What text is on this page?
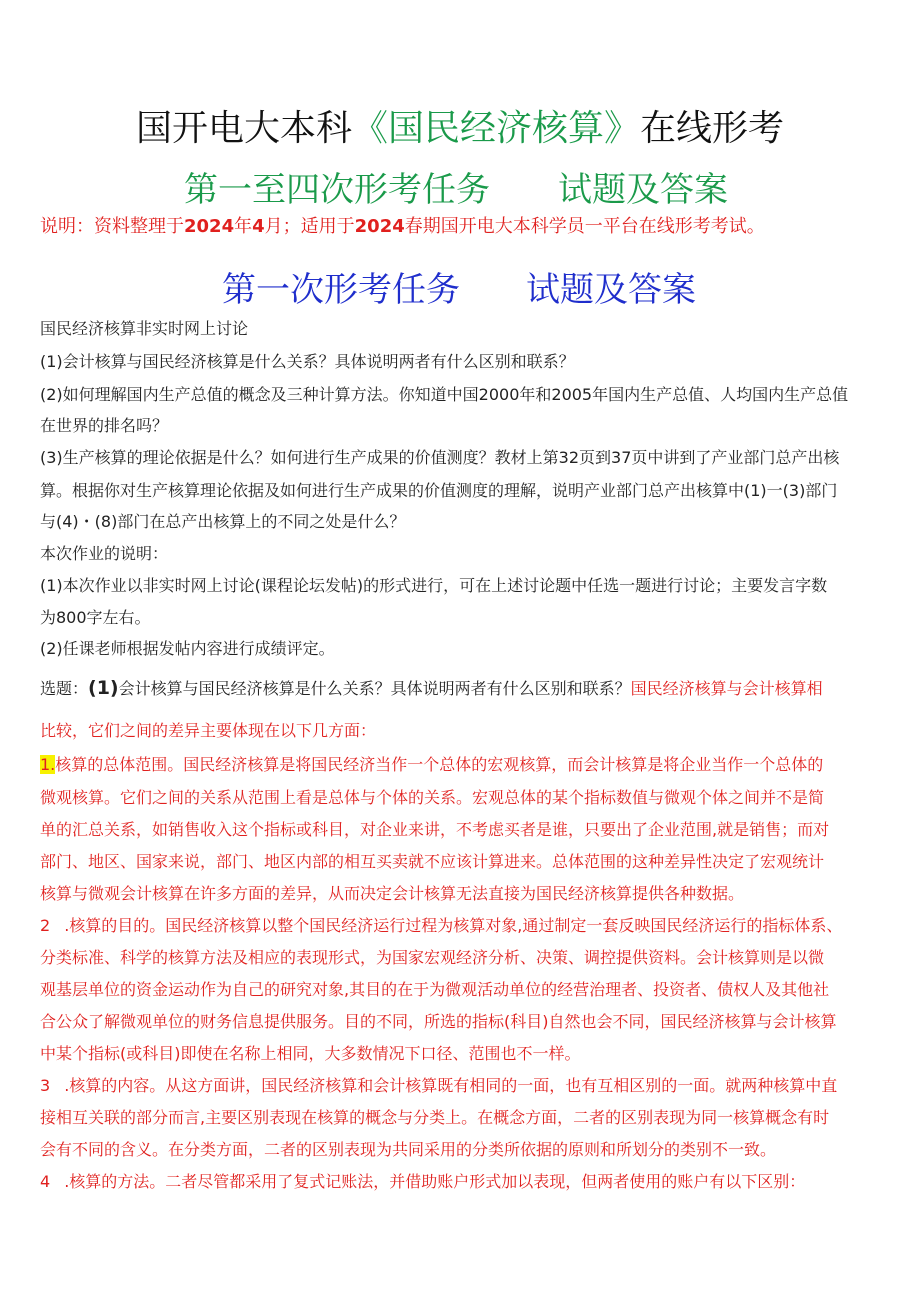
国开电大本科《国民经济核算》在线形考
第一至四次形考任务 试题及答案
说明：资料整理于2024年4月；适用于2024春期国开电大本科学员一平台在线形考考试。
第一次形考任务 试题及答案
国民经济核算非实时网上讨论
(1)会计核算与国民经济核算是什么关系？具体说明两者有什么区别和联系？
(2)如何理解国内生产总值的概念及三种计算方法。你知道中国2000年和2005年国内生产总值、人均国内生产总值
在世界的排名吗？
(3)生产核算的理论依据是什么？如何进行生产成果的价值测度？教材上第32页到37页中讲到了产业部门总产出核
算。根据你对生产核算理论依据及如何进行生产成果的价值测度的理解，说明产业部门总产出核算中(1)一(3)部门
与(4)・(8)部门在总产出核算上的不同之处是什么？
本次作业的说明：
(1)本次作业以非实时网上讨论(课程论坛发帖)的形式进行，可在上述讨论题中任选一题进行讨论；主要发言字数
为800字左右。
(2)任课老师根据发帖内容进行成绩评定。
选题：(1)会计核算与国民经济核算是什么关系？具体说明两者有什么区别和联系？国民经济核算与会计核算相
比较，它们之间的差异主要体现在以下几方面：
1.核算的总体范围。国民经济核算是将国民经济当作一个总体的宏观核算，而会计核算是将企业当作一个总体的
微观核算。它们之间的关系从范围上看是总体与个体的关系。宏观总体的某个指标数值与微观个体之间并不是简
单的汇总关系，如销售收入这个指标或科目，对企业来讲，不考虑买者是谁，只要出了企业范围,就是销售；而对
部门、地区、国家来说，部门、地区内部的相互买卖就不应该计算进来。总体范围的这种差异性决定了宏观统计
核算与微观会计核算在许多方面的差异，从而决定会计核算无法直接为国民经济核算提供各种数据。
2 .核算的目的。国民经济核算以整个国民经济运行过程为核算对象,通过制定一套反映国民经济运行的指标体系、
分类标准、科学的核算方法及相应的表现形式，为国家宏观经济分析、决策、调控提供资料。会计核算则是以微
观基层单位的资金运动作为自己的研究对象,其目的在于为微观活动单位的经营治理者、投资者、债权人及其他社
合公众了解微观单位的财务信息提供服务。目的不同，所选的指标(科目)自然也会不同，国民经济核算与会计核算
中某个指标(或科目)即使在名称上相同，大多数情况下口径、范围也不一样。
3 .核算的内容。从这方面讲，国民经济核算和会计核算既有相同的一面，也有互相区别的一面。就两种核算中直
接相互关联的部分而言,主要区别表现在核算的概念与分类上。在概念方面，二者的区别表现为同一核算概念有时
会有不同的含义。在分类方面，二者的区别表现为共同采用的分类所依据的原则和所划分的类别不一致。
4 .核算的方法。二者尽管都采用了复式记账法，并借助账户形式加以表现，但两者使用的账户有以下区别：
